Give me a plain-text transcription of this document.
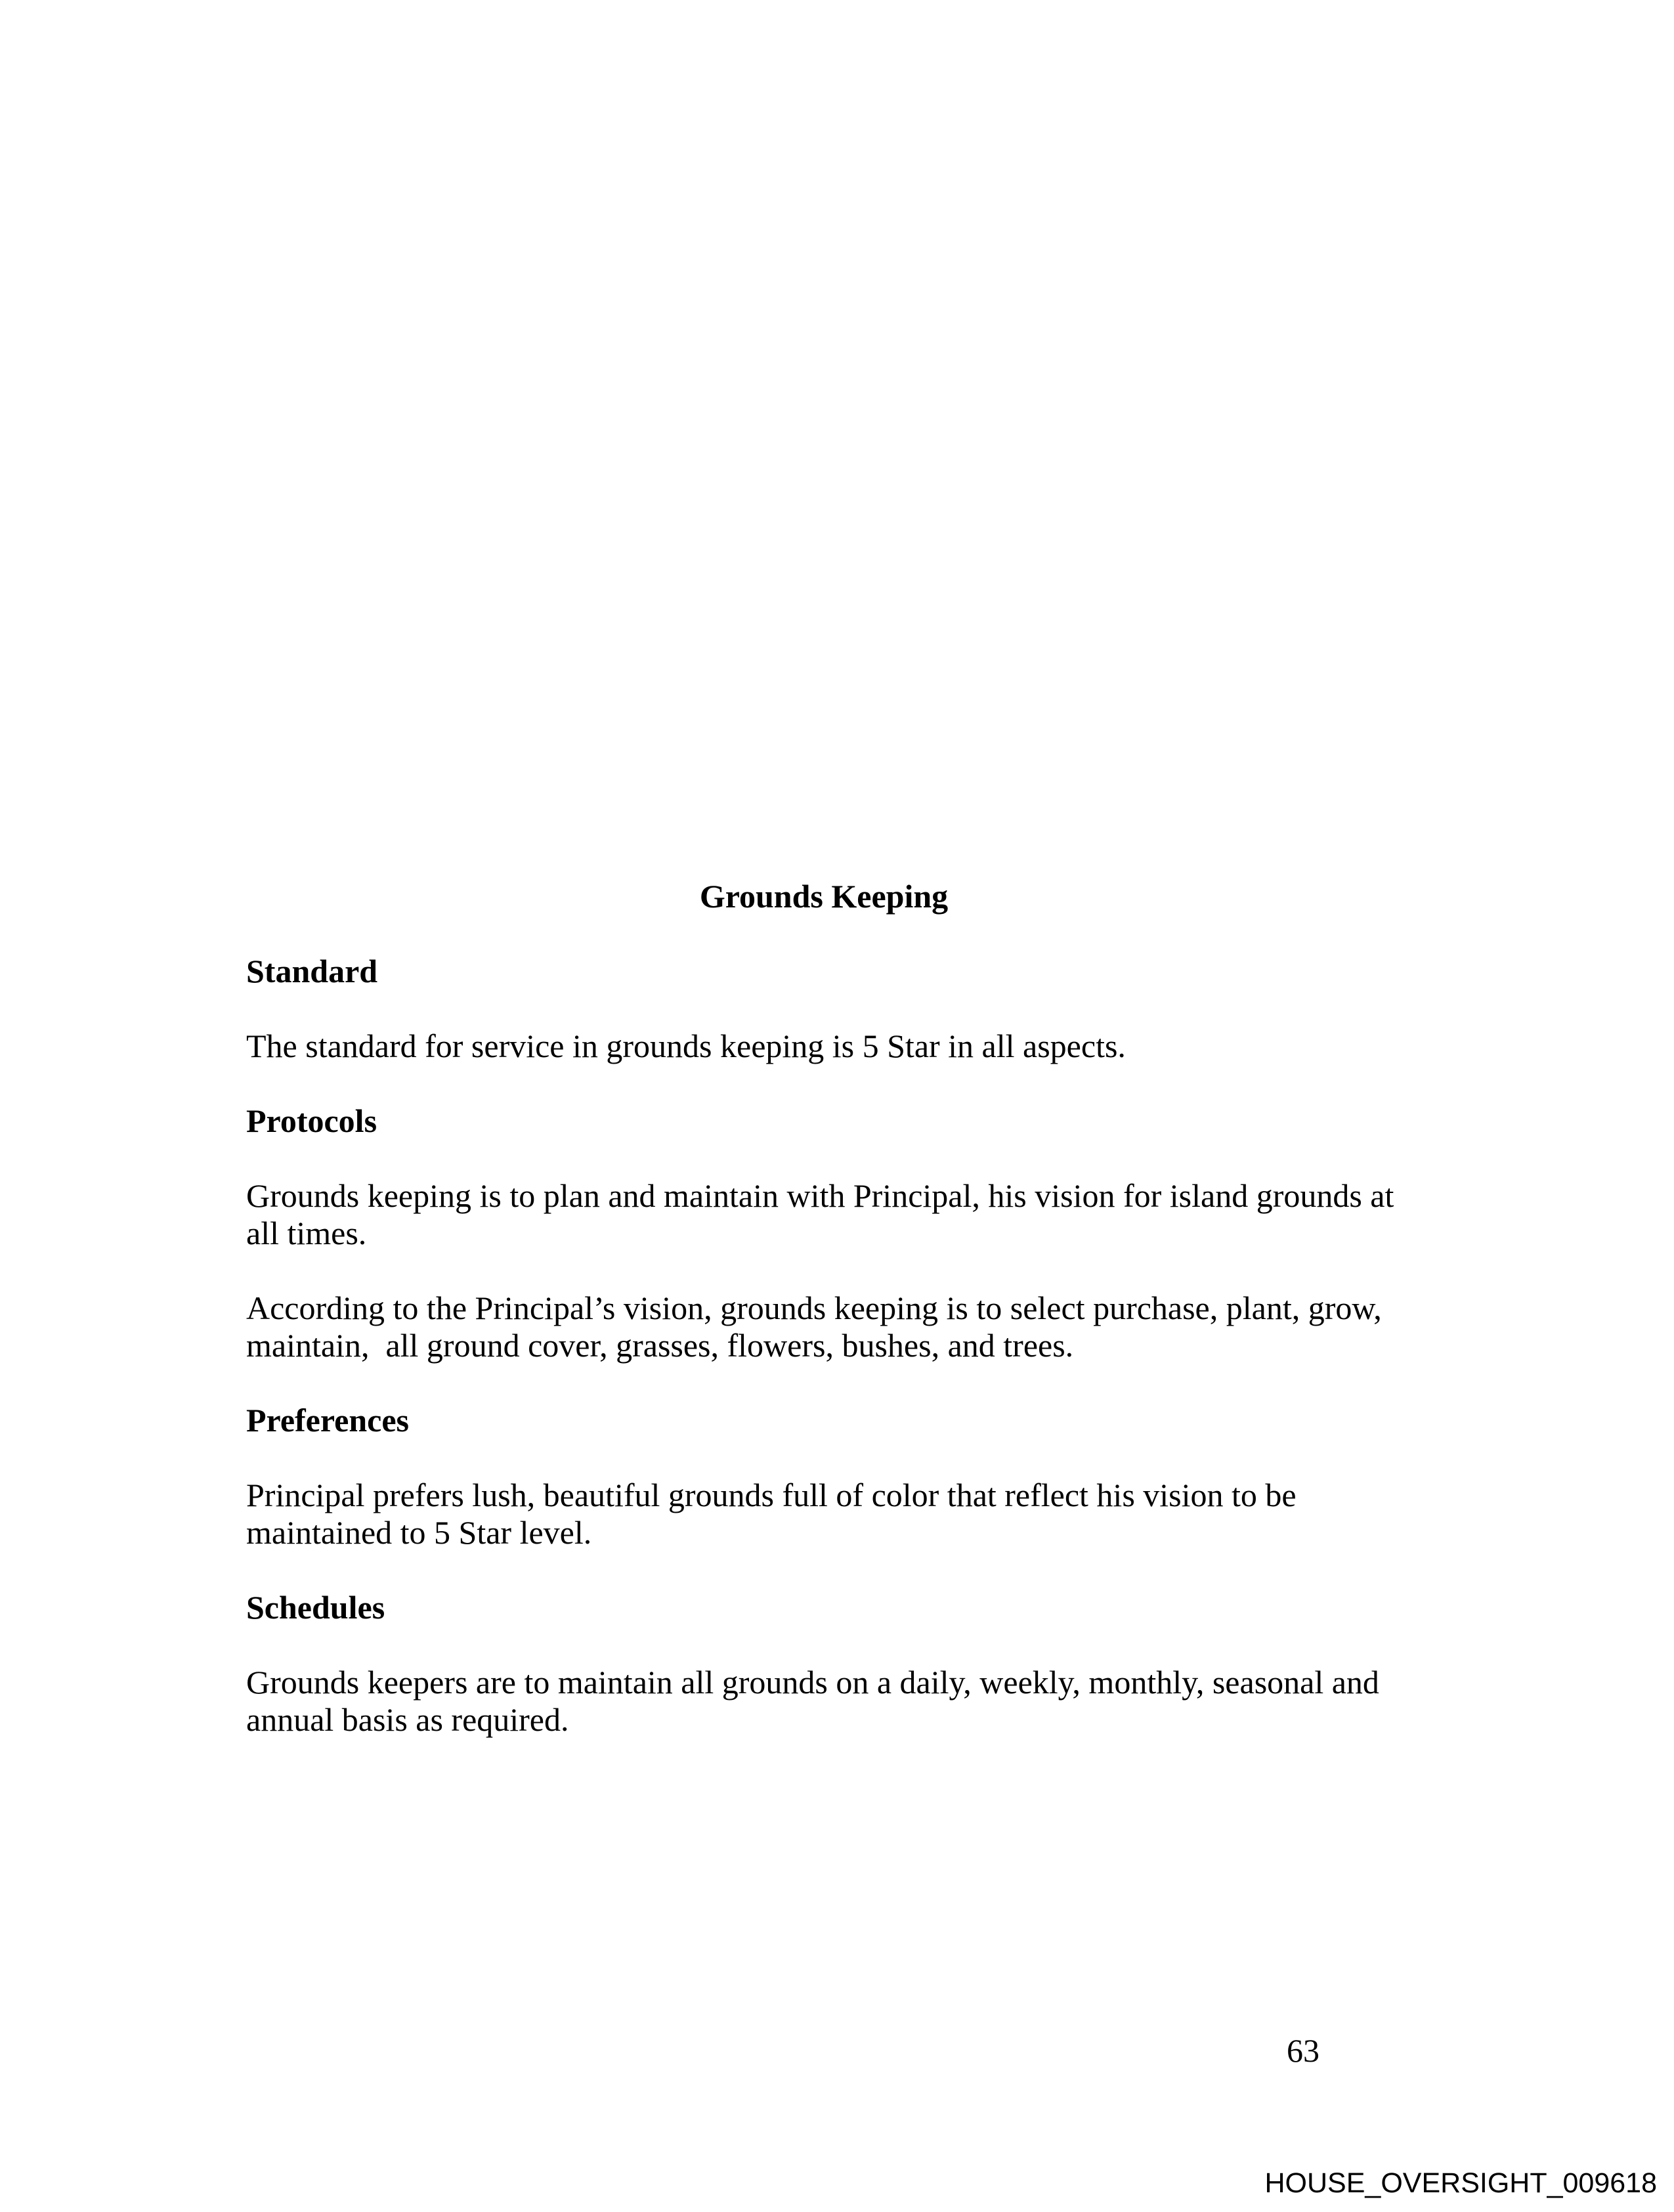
Grounds Keeping
Standard
The standard for service in grounds keeping is 5 Star in all aspects.
Protocols
Grounds keeping is to plan and maintain with Principal, his vision for island grounds at all times.
According to the Principal’s vision, grounds keeping is to select purchase, plant, grow, maintain,  all ground cover, grasses, flowers, bushes, and trees.
Preferences
Principal prefers lush, beautiful grounds full of color that reflect his vision to be maintained to 5 Star level.
Schedules
Grounds keepers are to maintain all grounds on a daily, weekly, monthly, seasonal and annual basis as required.
63
HOUSE_OVERSIGHT_009618
